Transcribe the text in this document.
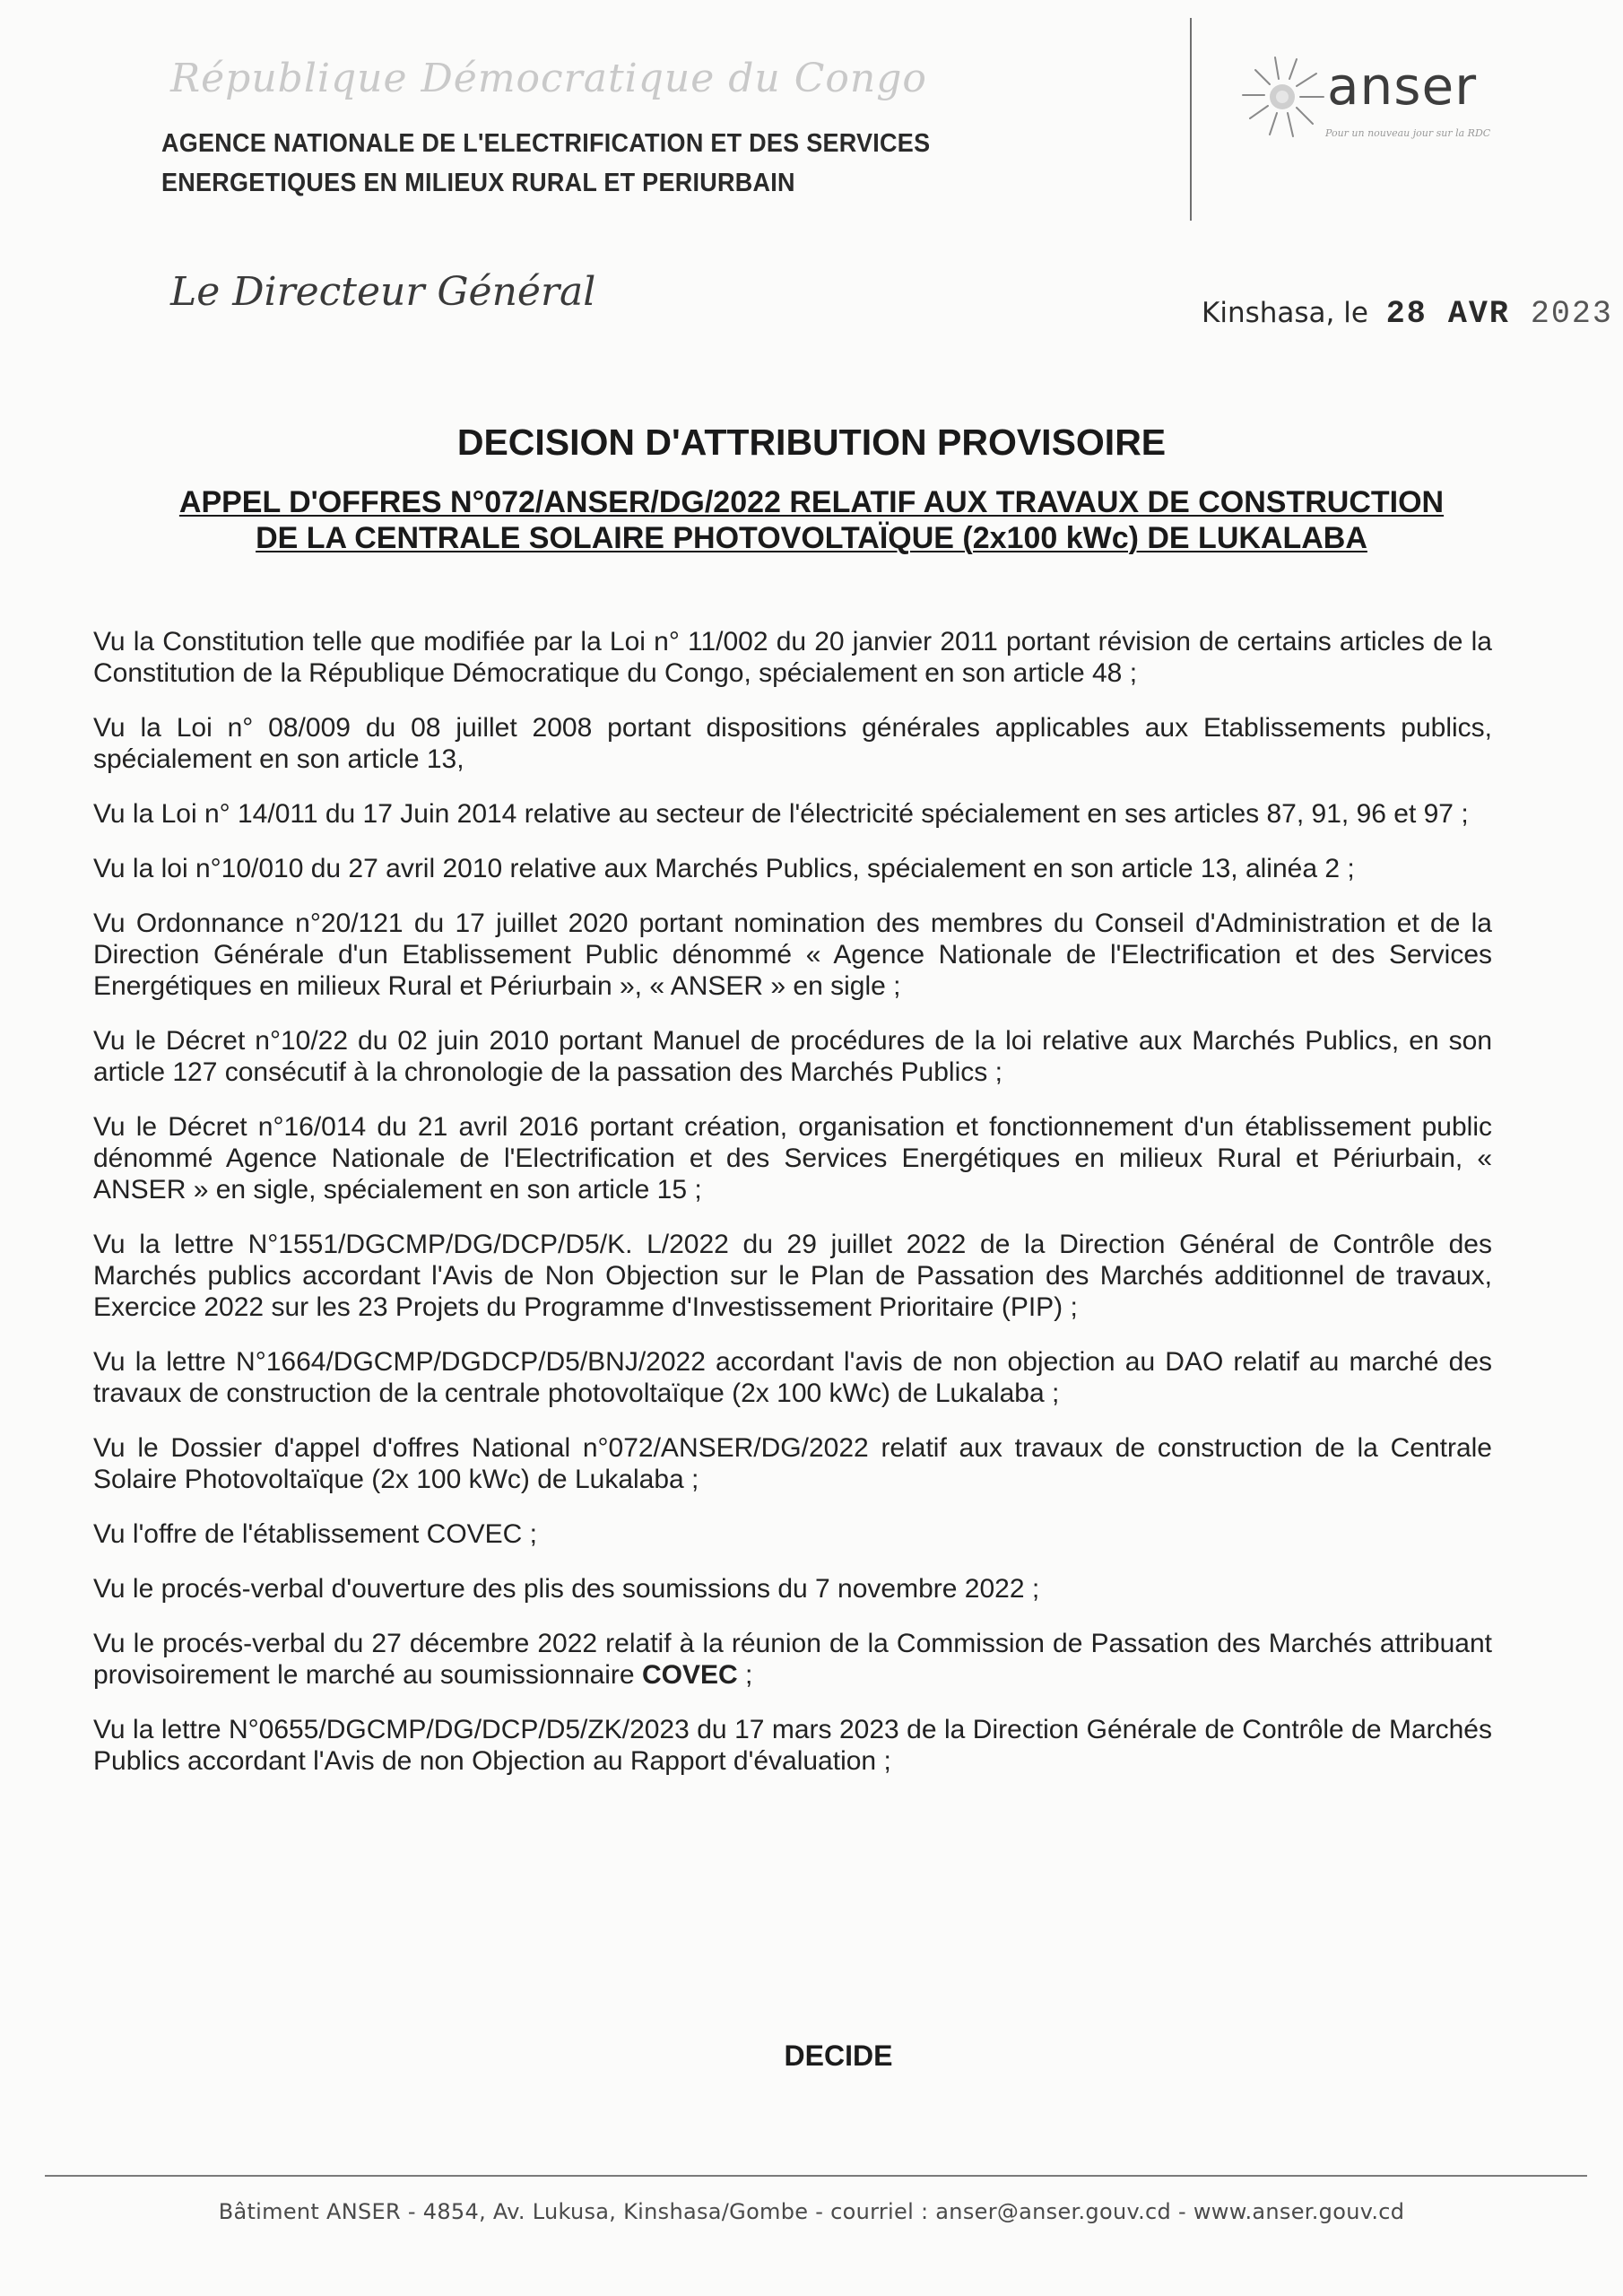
République Démocratique du Congo
AGENCE NATIONALE DE L'ELECTRIFICATION ET DES SERVICES
ENERGETIQUES EN MILIEUX RURAL ET PERIURBAIN
anser
Pour un nouveau jour sur la RDC
Le Directeur Général	Kinshasa, le 28 AVR 2023
DECISION D'ATTRIBUTION PROVISOIRE
APPEL D'OFFRES N°072/ANSER/DG/2022 RELATIF AUX TRAVAUX DE CONSTRUCTION
DE LA CENTRALE SOLAIRE PHOTOVOLTAÏQUE (2x100 kWc) DE LUKALABA

Vu la Constitution telle que modifiée par la Loi n° 11/002 du 20 janvier 2011 portant révision de certains articles de la Constitution de la République Démocratique du Congo, spécialement en son article 48 ;

Vu la Loi n° 08/009 du 08 juillet 2008 portant dispositions générales applicables aux Etablissements publics, spécialement en son article 13,

Vu la Loi n° 14/011 du 17 Juin 2014 relative au secteur de l'électricité spécialement en ses articles 87, 91, 96 et 97 ;

Vu la loi n°10/010 du 27 avril 2010 relative aux Marchés Publics, spécialement en son article 13, alinéa 2 ;

Vu Ordonnance n°20/121 du 17 juillet 2020 portant nomination des membres du Conseil d'Administration et de la Direction Générale d'un Etablissement Public dénommé « Agence Nationale de l'Electrification et des Services Energétiques en milieux Rural et Périurbain », « ANSER » en sigle ;

Vu le Décret n°10/22 du 02 juin 2010 portant Manuel de procédures de la loi relative aux Marchés Publics, en son article 127 consécutif à la chronologie de la passation des Marchés Publics ;

Vu le Décret n°16/014 du 21 avril 2016 portant création, organisation et fonctionnement d'un établissement public dénommé Agence Nationale de l'Electrification et des Services Energétiques en milieux Rural et Périurbain, « ANSER » en sigle, spécialement en son article 15 ;

Vu la lettre N°1551/DGCMP/DG/DCP/D5/K. L/2022 du 29 juillet 2022 de la Direction Général de Contrôle des Marchés publics accordant l'Avis de Non Objection sur le Plan de Passation des Marchés additionnel de travaux, Exercice 2022 sur les 23 Projets du Programme d'Investissement Prioritaire (PIP) ;

Vu la lettre N°1664/DGCMP/DGDCP/D5/BNJ/2022 accordant l'avis de non objection au DAO relatif au marché des travaux de construction de la centrale photovoltaïque (2x 100 kWc) de Lukalaba ;

Vu le Dossier d'appel d'offres National n°072/ANSER/DG/2022 relatif aux travaux de construction de la Centrale Solaire Photovoltaïque (2x 100 kWc) de Lukalaba ;

Vu l'offre de l'établissement COVEC ;

Vu le procés-verbal d'ouverture des plis des soumissions du 7 novembre 2022 ;

Vu le procés-verbal du 27 décembre 2022 relatif à la réunion de la Commission de Passation des Marchés attribuant provisoirement le marché au soumissionnaire COVEC ;

Vu la lettre N°0655/DGCMP/DG/DCP/D5/ZK/2023 du 17 mars 2023 de la Direction Générale de Contrôle de Marchés Publics accordant l'Avis de non Objection au Rapport d'évaluation ;

DECIDE
Bâtiment ANSER - 4854, Av. Lukusa, Kinshasa/Gombe - courriel : anser@anser.gouv.cd - www.anser.gouv.cd
